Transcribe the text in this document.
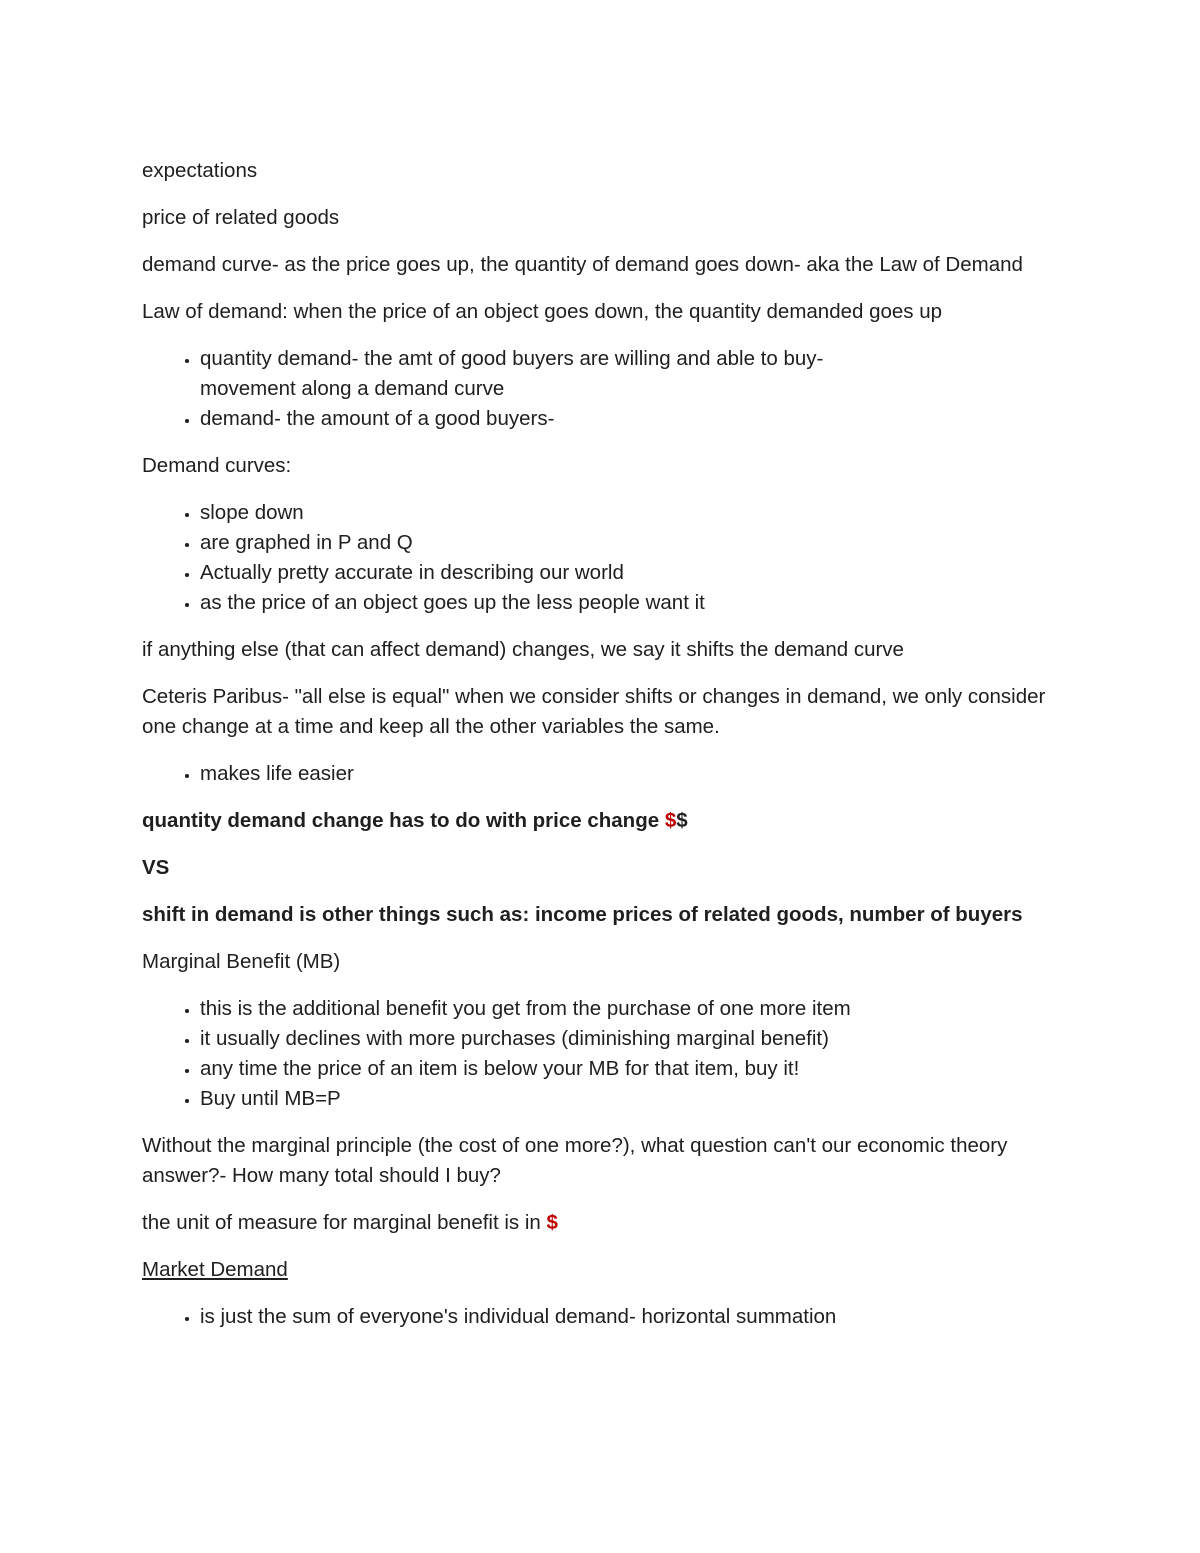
expectations

price of related goods

demand curve- as the price goes up, the quantity of demand goes down- aka the Law of Demand

Law of demand: when the price of an object goes down, the quantity demanded goes up

• quantity demand- the amt of good buyers are willing and able to buy- movement along a demand curve
• demand- the amount of a good buyers-

Demand curves:

• slope down
• are graphed in P and Q
• Actually pretty accurate in describing our world
• as the price of an object goes up the less people want it

if anything else (that can affect demand) changes, we say it shifts the demand curve

Ceteris Paribus- "all else is equal" when we consider shifts or changes in demand, we only consider one change at a time and keep all the other variables the same.

• makes life easier

quantity demand change has to do with price change $$

VS

shift in demand is other things such as: income prices of related goods, number of buyers

Marginal Benefit (MB)

• this is the additional benefit you get from the purchase of one more item
• it usually declines with more purchases (diminishing marginal benefit)
• any time the price of an item is below your MB for that item, buy it!
• Buy until MB=P

Without the marginal principle (the cost of one more?), what question can't our economic theory answer?- How many total should I buy?

the unit of measure for marginal benefit is in $

Market Demand

• is just the sum of everyone's individual demand- horizontal summation
